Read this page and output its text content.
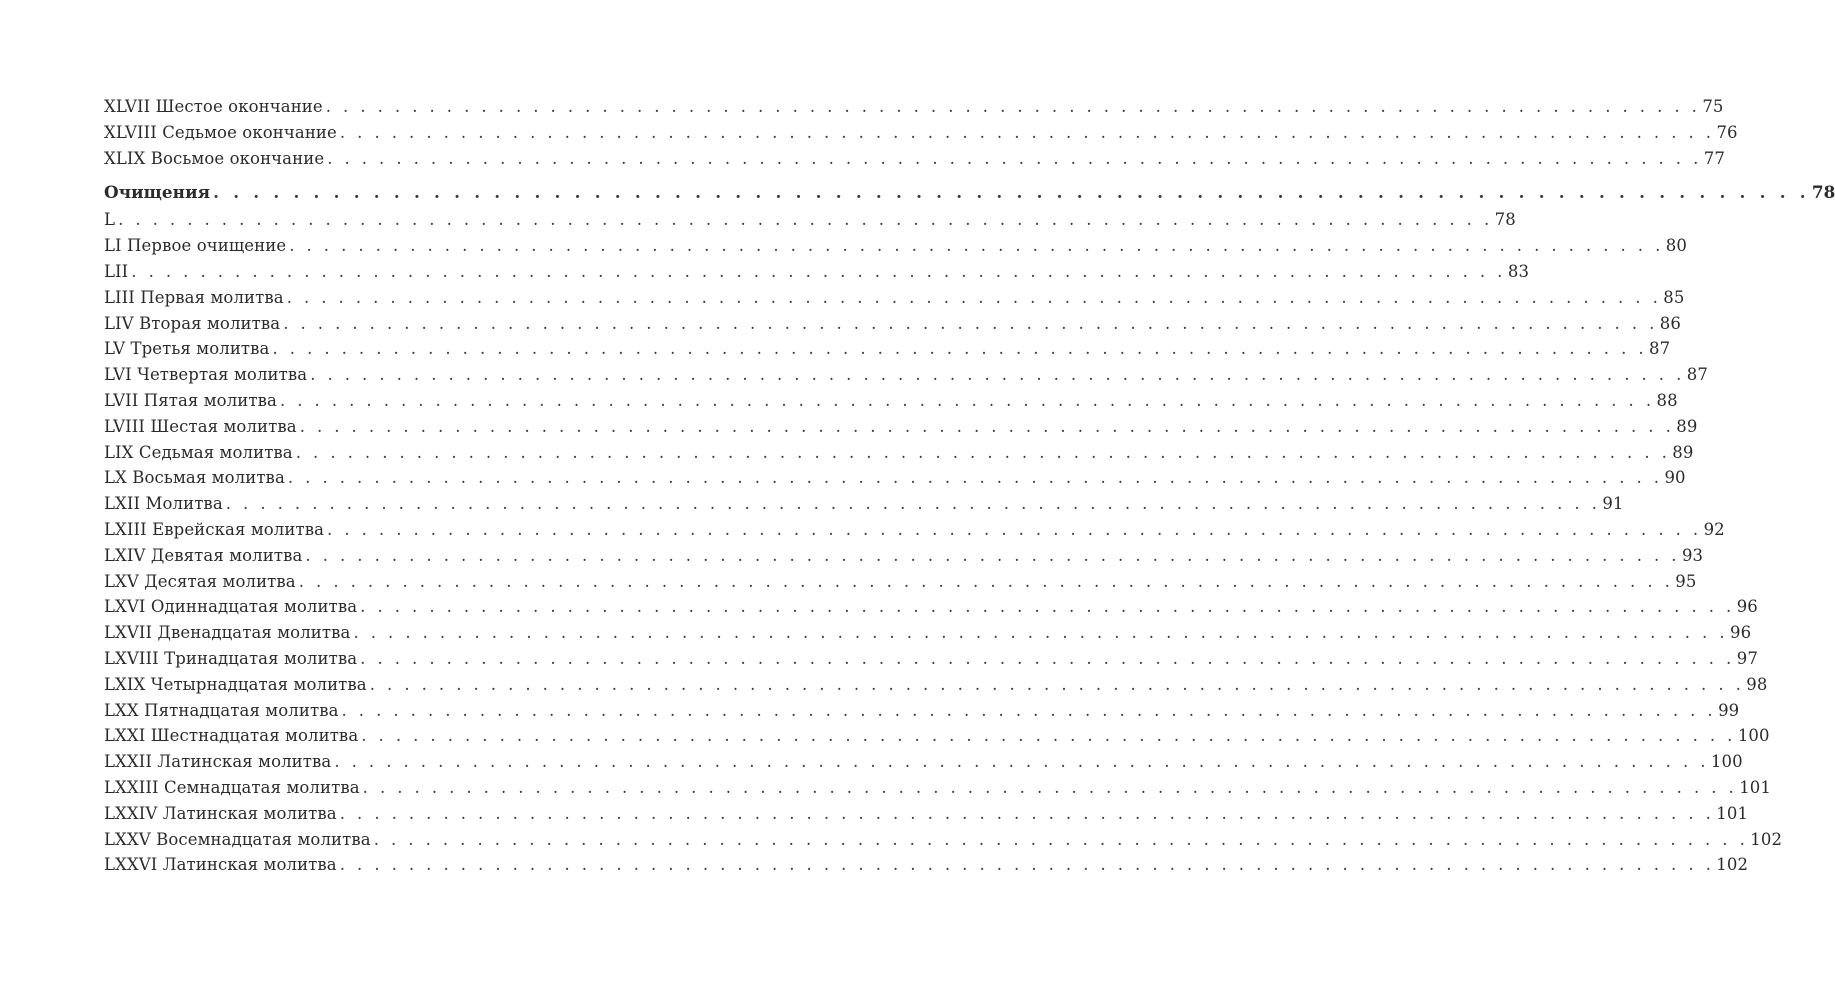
XLVII Шестое окончание . . . . . . . . . . . . . . . . . . . . . . . . . . . . . . . . . . . . . . . . . . . . . . . . . . . . . . . . . . . . . . . . . . . . . . . . . . . . . . . . 75
XLVIII Седьмое окончание . . . . . . . . . . . . . . . . . . . . . . . . . . . . . . . . . . . . . . . . . . . . . . . . . . . . . . . . . . . . . . . . . . . . . . . . . . . . . . . . 76
XLIX Восьмое окончание . . . . . . . . . . . . . . . . . . . . . . . . . . . . . . . . . . . . . . . . . . . . . . . . . . . . . . . . . . . . . . . . . . . . . . . . . . . . . . . . 77
Очищения . . . . . . . . . . . . . . . . . . . . . . . . . . . . . . . . . . . . . . . . . . . . . . . . . . . . . . . . . . . . . . . . . . . . . . . . . . . . . . . . 78
L . . . . . . . . . . . . . . . . . . . . . . . . . . . . . . . . . . . . . . . . . . . . . . . . . . . . . . . . . . . . . . . . . . . . . . . . . . . . . . . . 78
LI Первое очищение . . . . . . . . . . . . . . . . . . . . . . . . . . . . . . . . . . . . . . . . . . . . . . . . . . . . . . . . . . . . . . . . . . . . . . . . . . . . . . . . 80
LII . . . . . . . . . . . . . . . . . . . . . . . . . . . . . . . . . . . . . . . . . . . . . . . . . . . . . . . . . . . . . . . . . . . . . . . . . . . . . . . . 83
LIII Первая молитва . . . . . . . . . . . . . . . . . . . . . . . . . . . . . . . . . . . . . . . . . . . . . . . . . . . . . . . . . . . . . . . . . . . . . . . . . . . . . . . . 85
LIV Вторая молитва . . . . . . . . . . . . . . . . . . . . . . . . . . . . . . . . . . . . . . . . . . . . . . . . . . . . . . . . . . . . . . . . . . . . . . . . . . . . . . . . 86
LV Третья молитва . . . . . . . . . . . . . . . . . . . . . . . . . . . . . . . . . . . . . . . . . . . . . . . . . . . . . . . . . . . . . . . . . . . . . . . . . . . . . . . . 87
LVI Четвертая молитва . . . . . . . . . . . . . . . . . . . . . . . . . . . . . . . . . . . . . . . . . . . . . . . . . . . . . . . . . . . . . . . . . . . . . . . . . . . . . . . . 87
LVII Пятая молитва . . . . . . . . . . . . . . . . . . . . . . . . . . . . . . . . . . . . . . . . . . . . . . . . . . . . . . . . . . . . . . . . . . . . . . . . . . . . . . . . 88
LVIII Шестая молитва . . . . . . . . . . . . . . . . . . . . . . . . . . . . . . . . . . . . . . . . . . . . . . . . . . . . . . . . . . . . . . . . . . . . . . . . . . . . . . . . 89
LIX Седьмая молитва . . . . . . . . . . . . . . . . . . . . . . . . . . . . . . . . . . . . . . . . . . . . . . . . . . . . . . . . . . . . . . . . . . . . . . . . . . . . . . . . 89
LX Восьмая молитва . . . . . . . . . . . . . . . . . . . . . . . . . . . . . . . . . . . . . . . . . . . . . . . . . . . . . . . . . . . . . . . . . . . . . . . . . . . . . . . . 90
LXII Молитва . . . . . . . . . . . . . . . . . . . . . . . . . . . . . . . . . . . . . . . . . . . . . . . . . . . . . . . . . . . . . . . . . . . . . . . . . . . . . . . . 91
LXIII Еврейская молитва . . . . . . . . . . . . . . . . . . . . . . . . . . . . . . . . . . . . . . . . . . . . . . . . . . . . . . . . . . . . . . . . . . . . . . . . . . . . . . . . 92
LXIV Девятая молитва . . . . . . . . . . . . . . . . . . . . . . . . . . . . . . . . . . . . . . . . . . . . . . . . . . . . . . . . . . . . . . . . . . . . . . . . . . . . . . . . 93
LXV Десятая молитва . . . . . . . . . . . . . . . . . . . . . . . . . . . . . . . . . . . . . . . . . . . . . . . . . . . . . . . . . . . . . . . . . . . . . . . . . . . . . . . . 95
LXVI Одиннадцатая молитва . . . . . . . . . . . . . . . . . . . . . . . . . . . . . . . . . . . . . . . . . . . . . . . . . . . . . . . . . . . . . . . . . . . . . . . . . . . . . . . . 96
LXVII Двенадцатая молитва . . . . . . . . . . . . . . . . . . . . . . . . . . . . . . . . . . . . . . . . . . . . . . . . . . . . . . . . . . . . . . . . . . . . . . . . . . . . . . . . 96
LXVIII Тринадцатая молитва . . . . . . . . . . . . . . . . . . . . . . . . . . . . . . . . . . . . . . . . . . . . . . . . . . . . . . . . . . . . . . . . . . . . . . . . . . . . . . . . 97
LXIX Четырнадцатая молитва . . . . . . . . . . . . . . . . . . . . . . . . . . . . . . . . . . . . . . . . . . . . . . . . . . . . . . . . . . . . . . . . . . . . . . . . . . . . . . . . 98
LXX Пятнадцатая молитва . . . . . . . . . . . . . . . . . . . . . . . . . . . . . . . . . . . . . . . . . . . . . . . . . . . . . . . . . . . . . . . . . . . . . . . . . . . . . . . . 99
LXXI Шестнадцатая молитва . . . . . . . . . . . . . . . . . . . . . . . . . . . . . . . . . . . . . . . . . . . . . . . . . . . . . . . . . . . . . . . . . . . . . . . . . . . . . . . . 100
LXXII Латинская молитва . . . . . . . . . . . . . . . . . . . . . . . . . . . . . . . . . . . . . . . . . . . . . . . . . . . . . . . . . . . . . . . . . . . . . . . . . . . . . . . . 100
LXXIII Семнадцатая молитва . . . . . . . . . . . . . . . . . . . . . . . . . . . . . . . . . . . . . . . . . . . . . . . . . . . . . . . . . . . . . . . . . . . . . . . . . . . . . . . . 101
LXXIV Латинская молитва . . . . . . . . . . . . . . . . . . . . . . . . . . . . . . . . . . . . . . . . . . . . . . . . . . . . . . . . . . . . . . . . . . . . . . . . . . . . . . . . 101
LXXV Восемнадцатая молитва . . . . . . . . . . . . . . . . . . . . . . . . . . . . . . . . . . . . . . . . . . . . . . . . . . . . . . . . . . . . . . . . . . . . . . . . . . . . . . . . 102
LXXVI Латинская молитва . . . . . . . . . . . . . . . . . . . . . . . . . . . . . . . . . . . . . . . . . . . . . . . . . . . . . . . . . . . . . . . . . . . . . . . . . . . . . . . . 102
